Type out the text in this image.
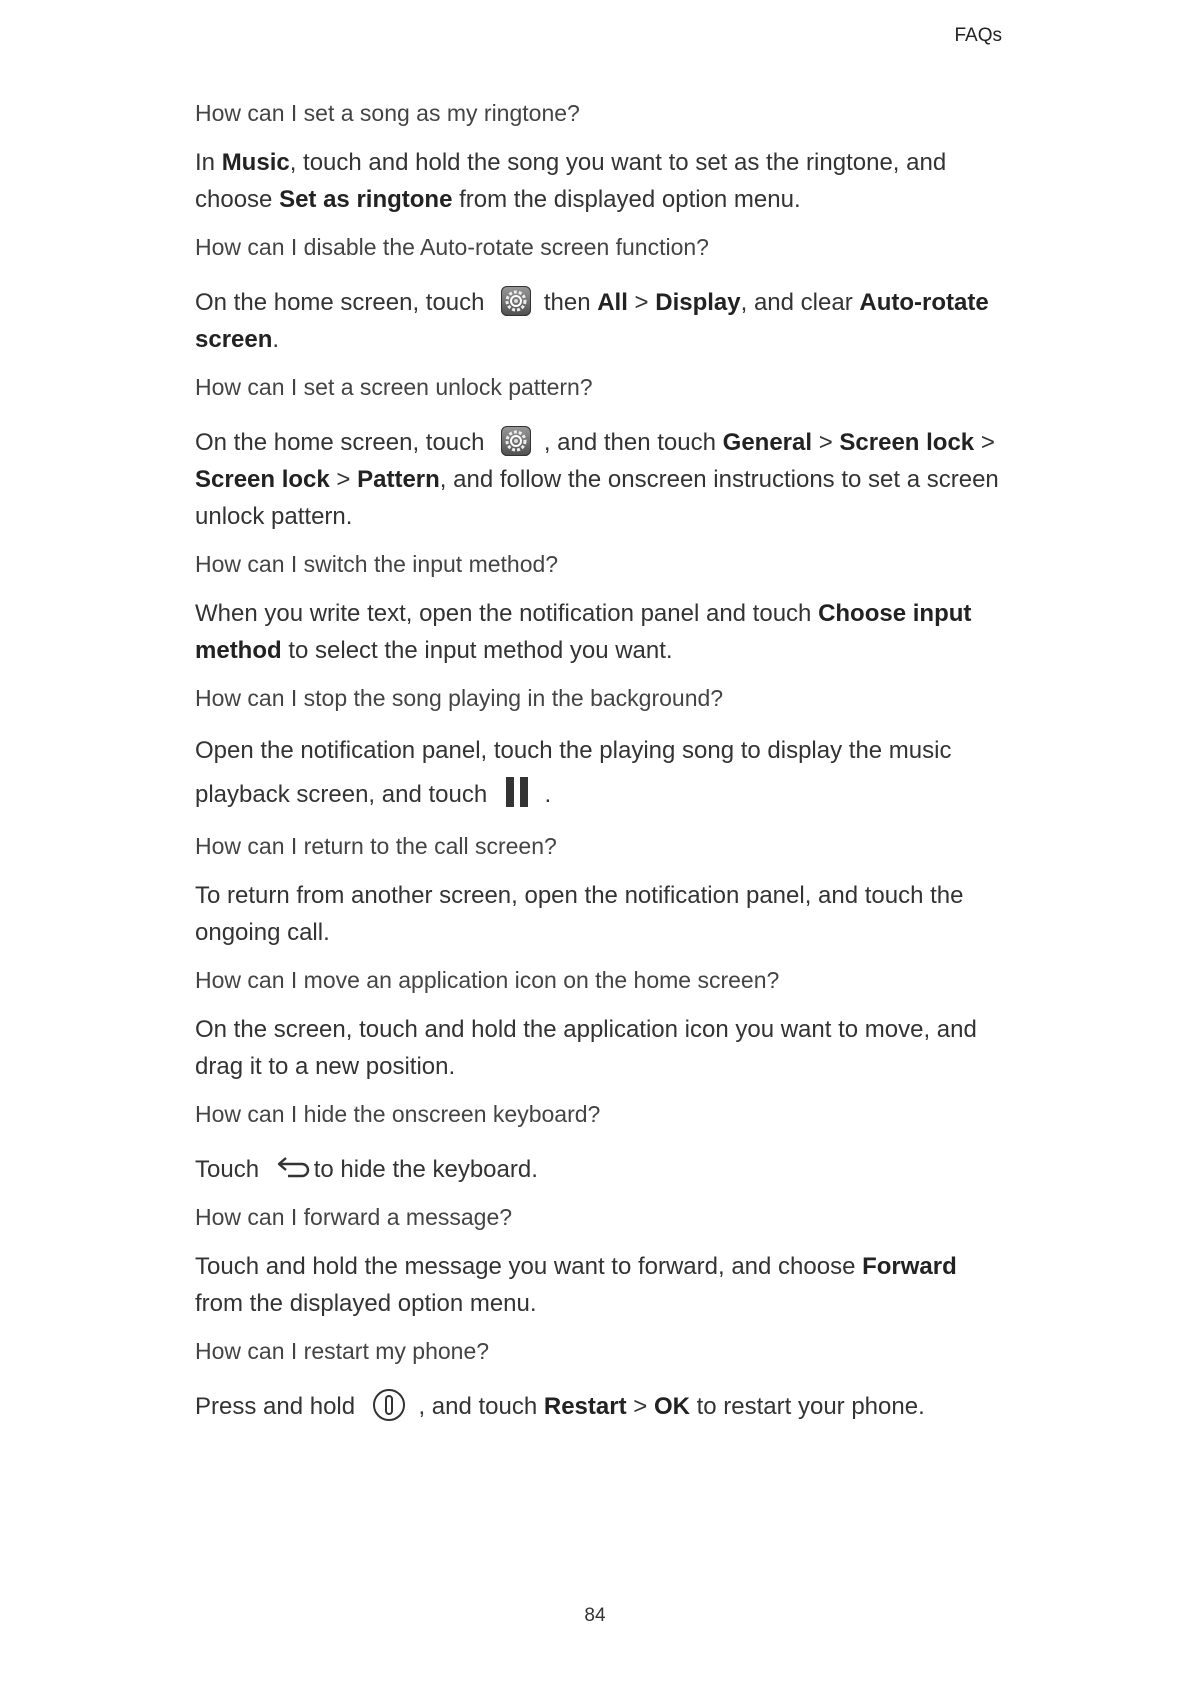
FAQs
How can I set a song as my ringtone?
In Music, touch and hold the song you want to set as the ringtone, and choose Set as ringtone from the displayed option menu.
How can I disable the Auto-rotate screen function?
On the home screen, touch
then All > Display, and clear Auto-rotate screen.
How can I set a screen unlock pattern?
On the home screen, touch
, and then touch General > Screen lock > Screen lock > Pattern, and follow the onscreen instructions to set a screen unlock pattern.
How can I switch the input method?
When you write text, open the notification panel and touch Choose input method to select the input method you want.
How can I stop the song playing in the background?
Open the notification panel, touch the playing song to display the music playback screen, and touch
.
How can I return to the call screen?
To return from another screen, open the notification panel, and touch the ongoing call.
How can I move an application icon on the home screen?
On the screen, touch and hold the application icon you want to move, and drag it to a new position.
How can I hide the onscreen keyboard?
Touch to hide the keyboard.
How can I forward a message?
Touch and hold the message you want to forward, and choose Forward from the displayed option menu.
How can I restart my phone?
Press and hold  , and touch Restart > OK to restart your phone.
84
